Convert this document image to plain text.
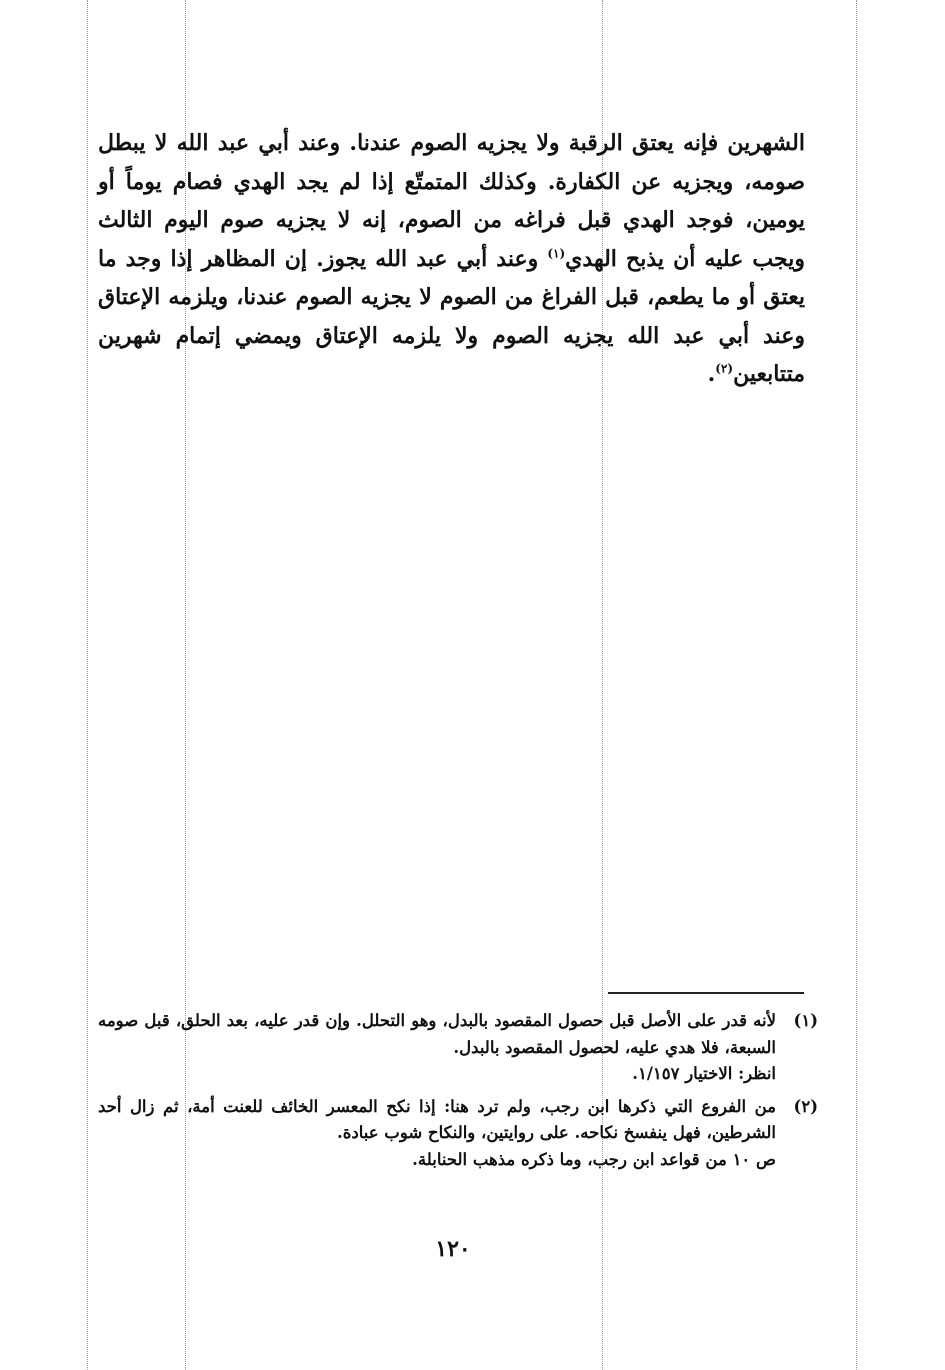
الشهرين فإنه يعتق الرقبة ولا يجزيه الصوم عندنا. وعند أبي عبد الله لا يبطل صومه، ويجزيه عن الكفارة. وكذلك المتمتّع إذا لم يجد الهدي فصام يوماً أو يومين، فوجد الهدي قبل فراغه من الصوم، إنه لا يجزيه صوم اليوم الثالث ويجب عليه أن يذبح الهدي$^{(١)}$ وعند أبي عبد الله يجوز. إن المظاهر إذا وجد ما يعتق أو ما يطعم، قبل الفراغ من الصوم لا يجزيه الصوم عندنا، ويلزمه الإعتاق وعند أبي عبد الله يجزيه الصوم ولا يلزمه الإعتاق ويمضي إتمام شهرين متتابعين$^{(٢)}$.
(١)
لأنه قدر على الأصل قبل حصول المقصود بالبدل، وهو التحلل. وإن قدر عليه، بعد الحلق، قبل صومه السبعة، فلا هدي عليه، لحصول المقصود بالبدل.
انظر: الاختيار ١/١٥٧.
(٢)
من الفروع التي ذكرها ابن رجب، ولم ترد هنا: إذا نكح المعسر الخائف للعنت أمة، ثم زال أحد الشرطين، فهل ينفسخ نكاحه. على روايتين، والنكاح شوب عبادة.
ص ١٠ من قواعد ابن رجب، وما ذكره مذهب الحنابلة.
١٢٠
